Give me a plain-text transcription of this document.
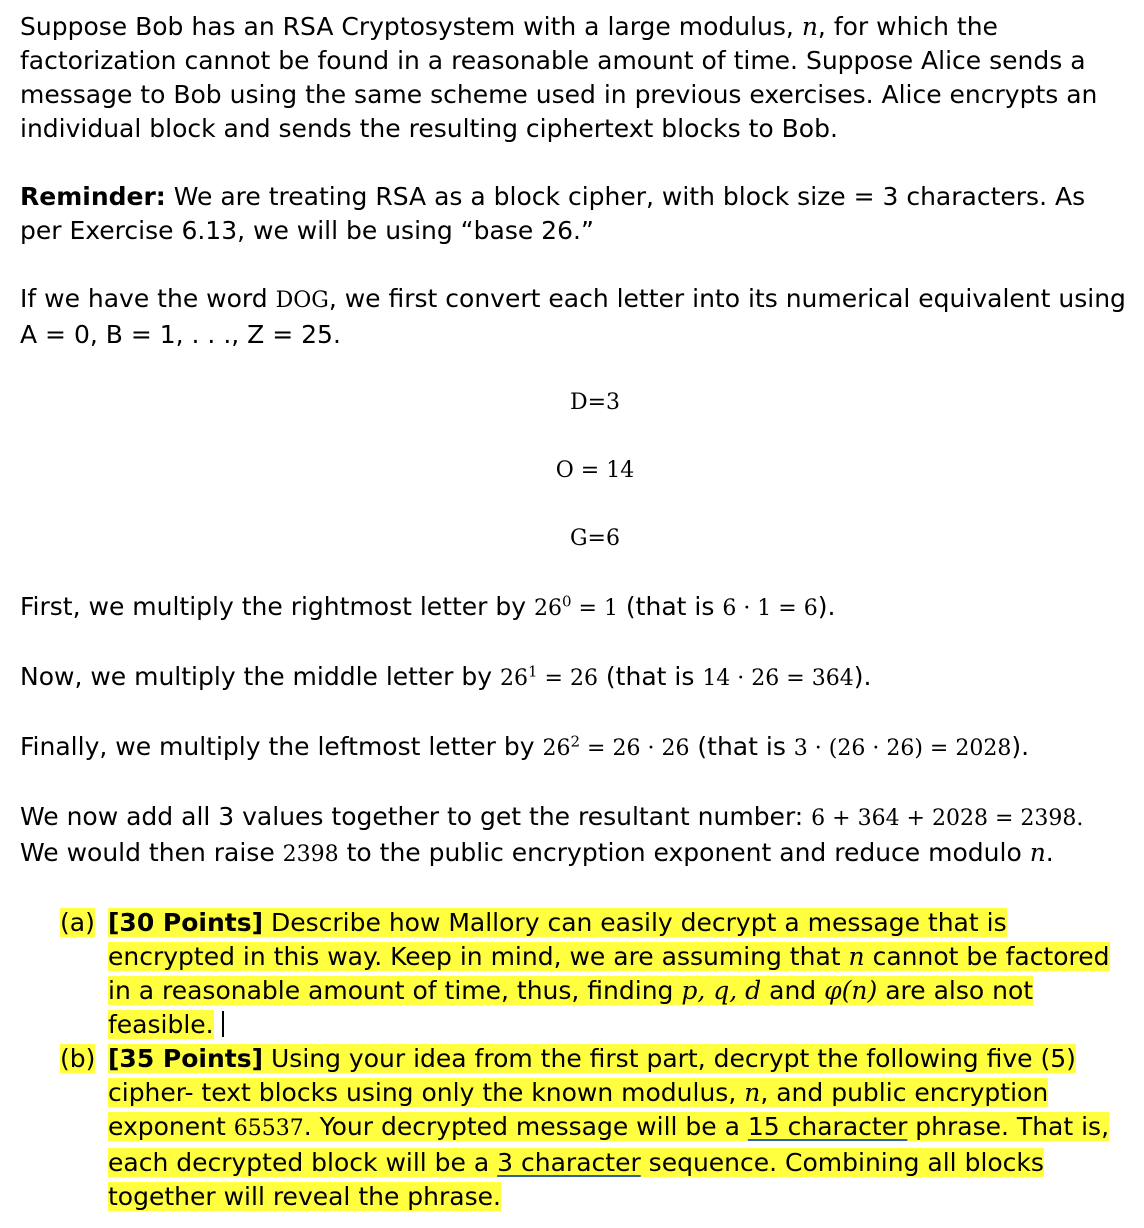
Suppose Bob has an RSA Cryptosystem with a large modulus, n, for which the factorization cannot be found in a reasonable amount of time. Suppose Alice sends a message to Bob using the same scheme used in previous exercises. Alice encrypts an individual block and sends the resulting ciphertext blocks to Bob.

Reminder: We are treating RSA as a block cipher, with block size = 3 characters. As per Exercise 6.13, we will be using “base 26.”

If we have the word DOG, we first convert each letter into its numerical equivalent using A = 0, B = 1, . . ., Z = 25.

D=3

O = 14

G=6

First, we multiply the rightmost letter by $26^0 = 1$ (that is 6 · 1 = 6).

Now, we multiply the middle letter by $26^1 = 26$ (that is 14 · 26 = 364).

Finally, we multiply the leftmost letter by $26^2 = 26 \cdot 26$ (that is 3 · (26 · 26) = 2028).

We now add all 3 values together to get the resultant number: 6 + 364 + 2028 = 2398.
We would then raise 2398 to the public encryption exponent and reduce modulo n.

(a) [30 Points] Describe how Mallory can easily decrypt a message that is encrypted in this way. Keep in mind, we are assuming that n cannot be factored in a reasonable amount of time, thus, finding p, q, d and φ(n) are also not feasible.
(b) [35 Points] Using your idea from the first part, decrypt the following five (5) cipher- text blocks using only the known modulus, n, and public encryption exponent 65537. Your decrypted message will be a 15 character phrase. That is, each decrypted block will be a 3 character sequence. Combining all blocks together will reveal the phrase.
